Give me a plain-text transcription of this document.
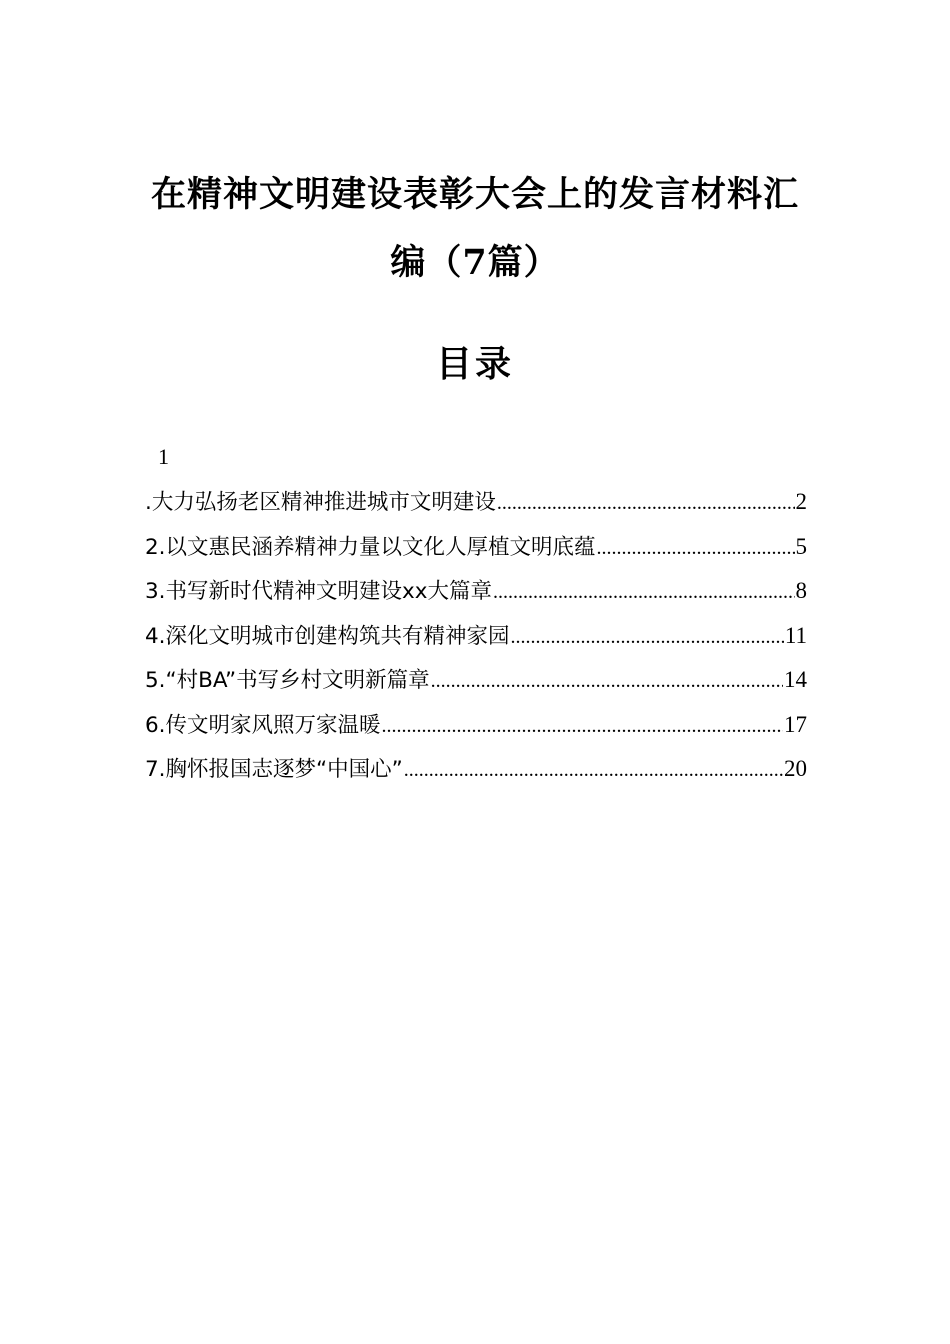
在精神文明建设表彰大会上的发言材料汇
编（7篇）
目录
1
.大力弘扬老区精神推进城市文明建设 .....	2
2.以文惠民涵养精神力量以文化人厚植文明底蕴 .....	5
3.书写新时代精神文明建设xx大篇章 .....	8
4.深化文明城市创建构筑共有精神家园 .....	11
5.“村BA”书写乡村文明新篇章 .....	14
6.传文明家风照万家温暖 .....	17
7.胸怀报国志逐梦“中国心” .....	20
